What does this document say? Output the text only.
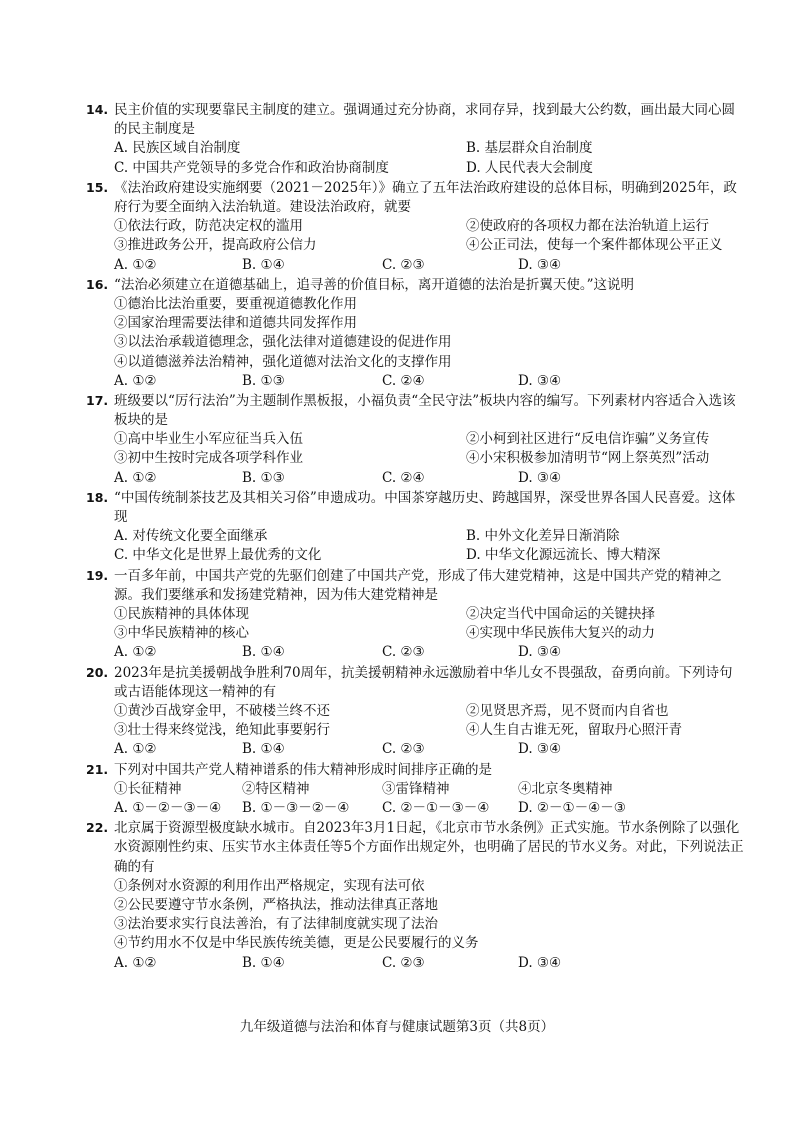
14. 民主价值的实现要靠民主制度的建立。强调通过充分协商，求同存异，找到最大公约数，画出最大同心圆的民主制度是
A. 民族区域自治制度	B. 基层群众自治制度
C. 中国共产党领导的多党合作和政治协商制度	D. 人民代表大会制度
15. 《法治政府建设实施纲要（2021－2025年）》确立了五年法治政府建设的总体目标，明确到2025年，政府行为要全面纳入法治轨道。建设法治政府，就要
①依法行政，防范决定权的滥用	②使政府的各项权力都在法治轨道上运行
③推进政务公开，提高政府公信力	④公正司法，使每一个案件都体现公平正义
A. ①②	B. ①④	C. ②③	D. ③④
16. “法治必须建立在道德基础上，追寻善的价值目标，离开道德的法治是折翼天使。”这说明
①德治比法治重要，要重视道德教化作用
②国家治理需要法律和道德共同发挥作用
③以法治承载道德理念，强化法律对道德建设的促进作用
④以道德滋养法治精神，强化道德对法治文化的支撑作用
A. ①②	B. ①③	C. ②④	D. ③④
17. 班级要以“厉行法治”为主题制作黑板报，小福负责“全民守法”板块内容的编写。下列素材内容适合入选该板块的是
①高中毕业生小军应征当兵入伍	②小柯到社区进行“反电信诈骗”义务宣传
③初中生按时完成各项学科作业	④小宋积极参加清明节“网上祭英烈”活动
A. ①②	B. ①③	C. ②④	D. ③④
18. “中国传统制茶技艺及其相关习俗”申遗成功。中国茶穿越历史、跨越国界，深受世界各国人民喜爱。这体现
A. 对传统文化要全面继承	B. 中外文化差异日渐消除
C. 中华文化是世界上最优秀的文化	D. 中华文化源远流长、博大精深
19. 一百多年前，中国共产党的先驱们创建了中国共产党，形成了伟大建党精神，这是中国共产党的精神之源。我们要继承和发扬建党精神，因为伟大建党精神是
①民族精神的具体体现	②决定当代中国命运的关键抉择
③中华民族精神的核心	④实现中华民族伟大复兴的动力
A. ①②	B. ①④	C. ②③	D. ③④
20. 2023年是抗美援朝战争胜利70周年，抗美援朝精神永远激励着中华儿女不畏强敌，奋勇向前。下列诗句或古语能体现这一精神的有
①黄沙百战穿金甲，不破楼兰终不还	②见贤思齐焉，见不贤而内自省也
③壮士得来终觉浅，绝知此事要躬行	④人生自古谁无死，留取丹心照汗青
A. ①②	B. ①④	C. ②③	D. ③④
21. 下列对中国共产党人精神谱系的伟大精神形成时间排序正确的是
①长征精神	②特区精神	③雷锋精神	④北京冬奥精神
A. ①－②－③－④ B. ①－③－②－④ C. ②－①－③－④ D. ②－①－④－③
22. 北京属于资源型极度缺水城市。自2023年3月1日起，《北京市节水条例》正式实施。节水条例除了以强化水资源刚性约束、压实节水主体责任等5个方面作出规定外，也明确了居民的节水义务。对此，下列说法正确的有
①条例对水资源的利用作出严格规定，实现有法可依
②公民要遵守节水条例，严格执法，推动法律真正落地
③法治要求实行良法善治，有了法律制度就实现了法治
④节约用水不仅是中华民族传统美德，更是公民要履行的义务
A. ①②	B. ①④	C. ②③	D. ③④
九年级道德与法治和体育与健康试题第3页（共8页）
